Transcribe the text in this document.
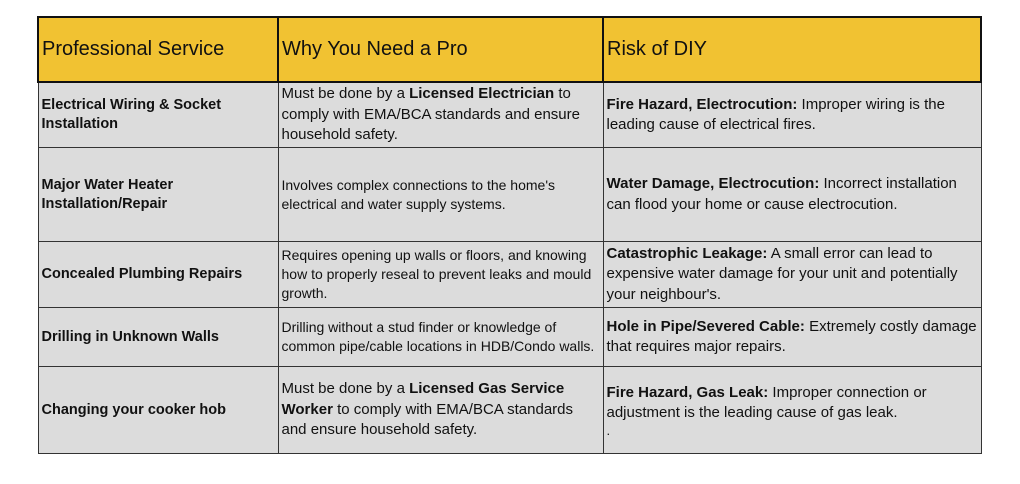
Professional Service	Why You Need a Pro	Risk of DIY
Electrical Wiring & Socket Installation	Must be done by a Licensed Electrician to comply with EMA/BCA standards and ensure household safety.	Fire Hazard, Electrocution: Improper wiring is the leading cause of electrical fires.
Major Water Heater Installation/Repair	Involves complex connections to the home's electrical and water supply systems.	Water Damage, Electrocution: Incorrect installation can flood your home or cause electrocution.
Concealed Plumbing Repairs	Requires opening up walls or floors, and knowing how to properly reseal to prevent leaks and mould growth.	Catastrophic Leakage: A small error can lead to expensive water damage for your unit and potentially your neighbour's.
Drilling in Unknown Walls	Drilling without a stud finder or knowledge of common pipe/cable locations in HDB/Condo walls.	Hole in Pipe/Severed Cable: Extremely costly damage that requires major repairs.
Changing your cooker hob	Must be done by a Licensed Gas Service Worker to comply with EMA/BCA standards and ensure household safety.	Fire Hazard, Gas Leak: Improper connection or adjustment is the leading cause of gas leak.
.
